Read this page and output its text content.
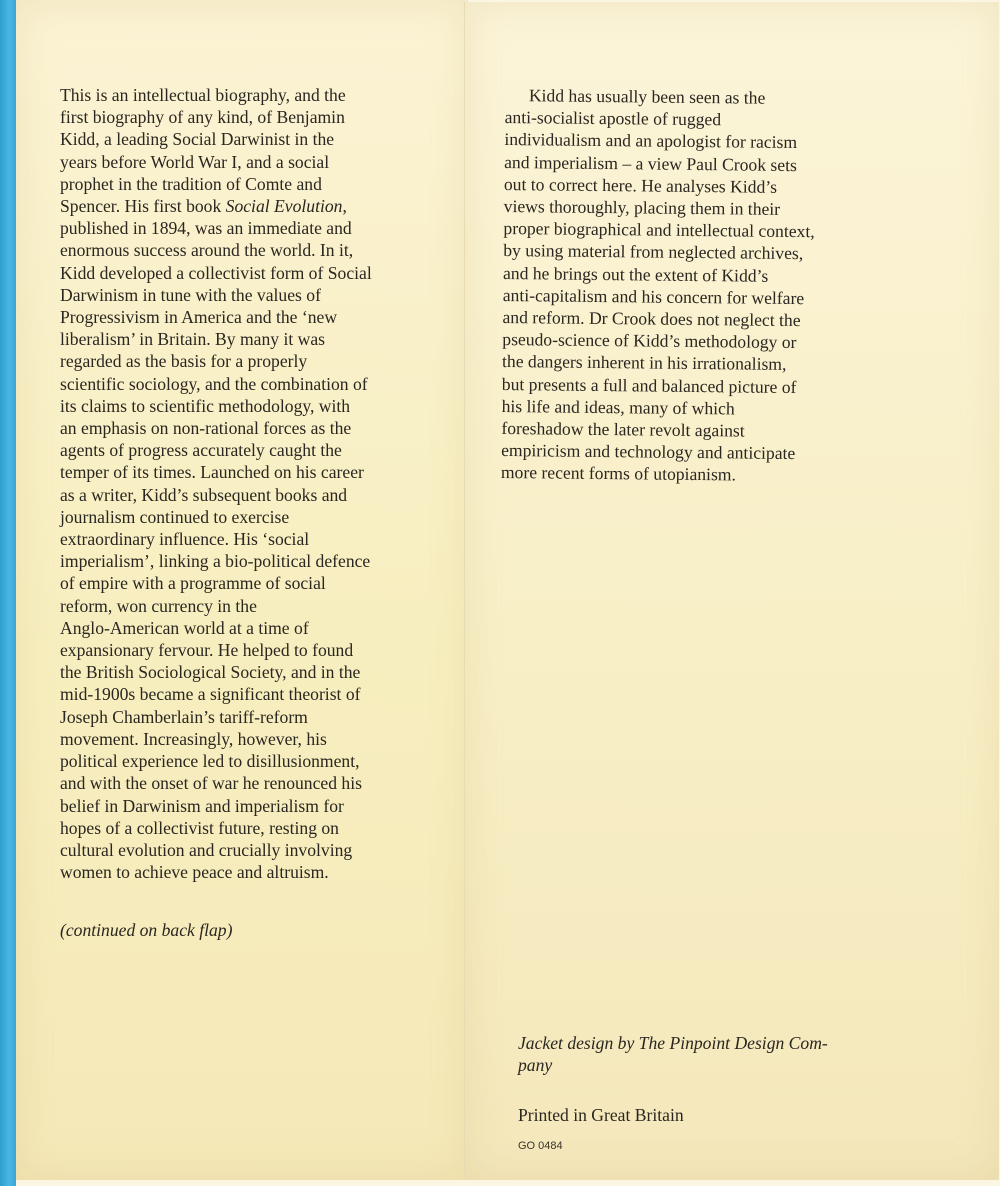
This is an intellectual biography, and the
first biography of any kind, of Benjamin
Kidd, a leading Social Darwinist in the
years before World War I, and a social
prophet in the tradition of Comte and
Spencer. His first book Social Evolution,
published in 1894, was an immediate and
enormous success around the world. In it,
Kidd developed a collectivist form of Social
Darwinism in tune with the values of
Progressivism in America and the ‘new
liberalism’ in Britain. By many it was
regarded as the basis for a properly
scientific sociology, and the combination of
its claims to scientific methodology, with
an emphasis on non-rational forces as the
agents of progress accurately caught the
temper of its times. Launched on his career
as a writer, Kidd’s subsequent books and
journalism continued to exercise
extraordinary influence. His ‘social
imperialism’, linking a bio-political defence
of empire with a programme of social
reform, won currency in the
Anglo-American world at a time of
expansionary fervour. He helped to found
the British Sociological Society, and in the
mid-1900s became a significant theorist of
Joseph Chamberlain’s tariff-reform
movement. Increasingly, however, his
political experience led to disillusionment,
and with the onset of war he renounced his
belief in Darwinism and imperialism for
hopes of a collectivist future, resting on
cultural evolution and crucially involving
women to achieve peace and altruism.

(continued on back flap)

Kidd has usually been seen as the
anti-socialist apostle of rugged
individualism and an apologist for racism
and imperialism – a view Paul Crook sets
out to correct here. He analyses Kidd’s
views thoroughly, placing them in their
proper biographical and intellectual context,
by using material from neglected archives,
and he brings out the extent of Kidd’s
anti-capitalism and his concern for welfare
and reform. Dr Crook does not neglect the
pseudo-science of Kidd’s methodology or
the dangers inherent in his irrationalism,
but presents a full and balanced picture of
his life and ideas, many of which
foreshadow the later revolt against
empiricism and technology and anticipate
more recent forms of utopianism.

Jacket design by The Pinpoint Design Com-
pany

Printed in Great Britain

GO 0484
